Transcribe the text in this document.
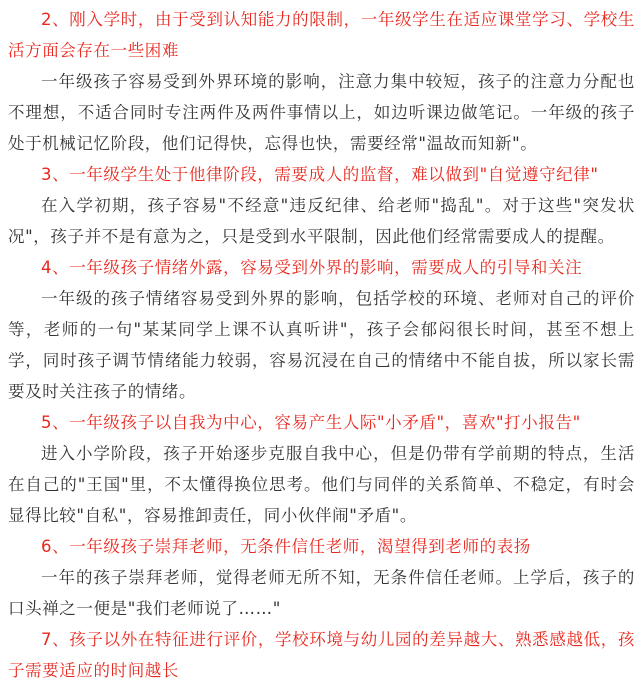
2、刚入学时，由于受到认知能力的限制，一年级学生在适应课堂学习、学校生活方面会存在一些困难

一年级孩子容易受到外界环境的影响，注意力集中较短，孩子的注意力分配也不理想，不适合同时专注两件及两件事情以上，如边听课边做笔记。一年级的孩子处于机械记忆阶段，他们记得快，忘得也快，需要经常"温故而知新"。

3、一年级学生处于他律阶段，需要成人的监督，难以做到"自觉遵守纪律"

在入学初期，孩子容易"不经意"违反纪律、给老师"捣乱"。对于这些"突发状况"，孩子并不是有意为之，只是受到水平限制，因此他们经常需要成人的提醒。

4、一年级孩子情绪外露，容易受到外界的影响，需要成人的引导和关注

一年级的孩子情绪容易受到外界的影响，包括学校的环境、老师对自己的评价等，老师的一句"某某同学上课不认真听讲"，孩子会郁闷很长时间，甚至不想上学，同时孩子调节情绪能力较弱，容易沉浸在自己的情绪中不能自拔，所以家长需要及时关注孩子的情绪。

5、一年级孩子以自我为中心，容易产生人际"小矛盾"，喜欢"打小报告"

进入小学阶段，孩子开始逐步克服自我中心，但是仍带有学前期的特点，生活在自己的"王国"里，不太懂得换位思考。他们与同伴的关系简单、不稳定，有时会显得比较"自私"，容易推卸责任，同小伙伴闹"矛盾"。

6、一年级孩子崇拜老师，无条件信任老师，渴望得到老师的表扬

一年的孩子崇拜老师，觉得老师无所不知，无条件信任老师。上学后，孩子的口头禅之一便是"我们老师说了……"

7、孩子以外在特征进行评价，学校环境与幼儿园的差异越大、熟悉感越低，孩子需要适应的时间越长
